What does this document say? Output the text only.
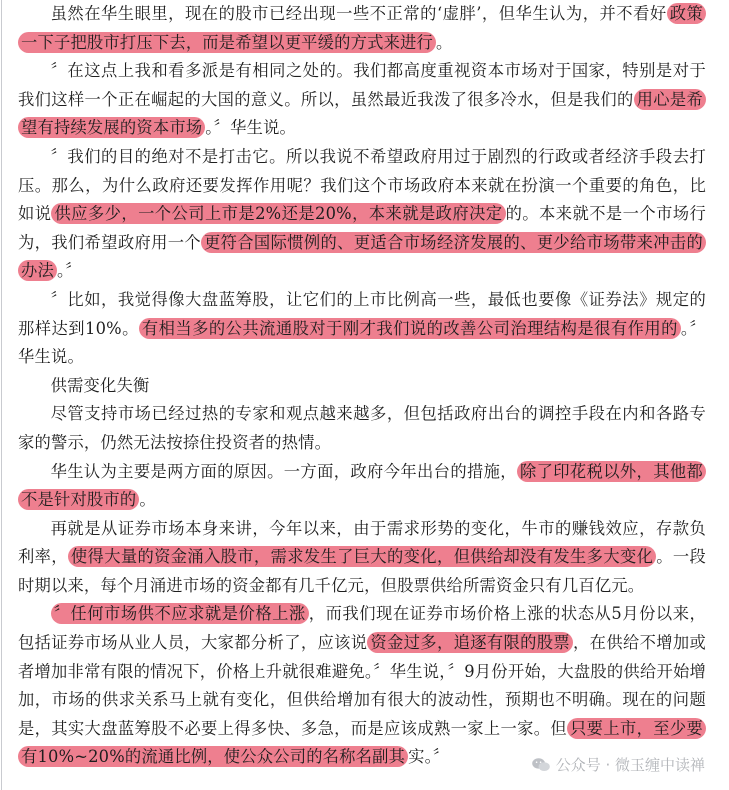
虽然在华生眼里，现在的股市已经出现一些不正常的‘虚胖’，但华生认为，并不看好 政策一下子把股市打压下去，而是希望以更平缓的方式来进行 。

〞在这点上我和看多派是有相同之处的。我们都高度重视资本市场对于国家，特别是对于我们这样一个正在崛起的大国的意义。所以，虽然最近我泼了很多冷水，但是我们的 用心是希望有持续发展的资本市场 。〞华生说。

〞我们的目的绝对不是打击它。所以我说不希望政府用过于剧烈的行政或者经济手段去打压。那么，为什么政府还要发挥作用呢？我们这个市场政府本来就在扮演一个重要的角色，比如说 供应多少，一个公司上市是2%还是20%，本来就是政府决定 的。本来就不是一个市场行为，我们希望政府用一个 更符合国际惯例的、更适合市场经济发展的、更少给市场带来冲击的办法 。〞

〞比如，我觉得像大盘蓝筹股，让它们的上市比例高一些，最低也要像《证券法》规定的那样达到10%。 有相当多的公共流通股对于刚才我们说的改善公司治理结构是很有作用的 。〞华生说。

供需变化失衡

尽管支持市场已经过热的专家和观点越来越多，但包括政府出台的调控手段在内和各路专家的警示，仍然无法按捺住投资者的热情。

华生认为主要是两方面的原因。一方面，政府今年出台的措施， 除了印花税以外，其他都不是针对股市的 。

再就是从证券市场本身来讲，今年以来，由于需求形势的变化，牛市的赚钱效应，存款负利率， 使得大量的资金涌入股市，需求发生了巨大的变化，但供给却没有发生多大变化 。一段时期以来，每个月涌进市场的资金都有几千亿元，但股票供给所需资金只有几百亿元。

〞任何市场供不应求就是价格上涨 ，而我们现在证券市场价格上涨的状态从5月份以来，包括证券市场从业人员，大家都分析了，应该说 资金过多，追逐有限的股票 ，在供给不增加或者增加非常有限的情况下，价格上升就很难避免。〞华生说，〞9月份开始，大盘股的供给开始增加，市场的供求关系马上就有变化，但供给增加有很大的波动性，预期也不明确。现在的问题是，其实大盘蓝筹股不必要上得多快、多急，而是应该成熟一家上一家。但 只要上市，至少要有10%~20%的流通比例，使公众公司的名称名副其 实。〞	公众号 · 微玉缠中读禅
